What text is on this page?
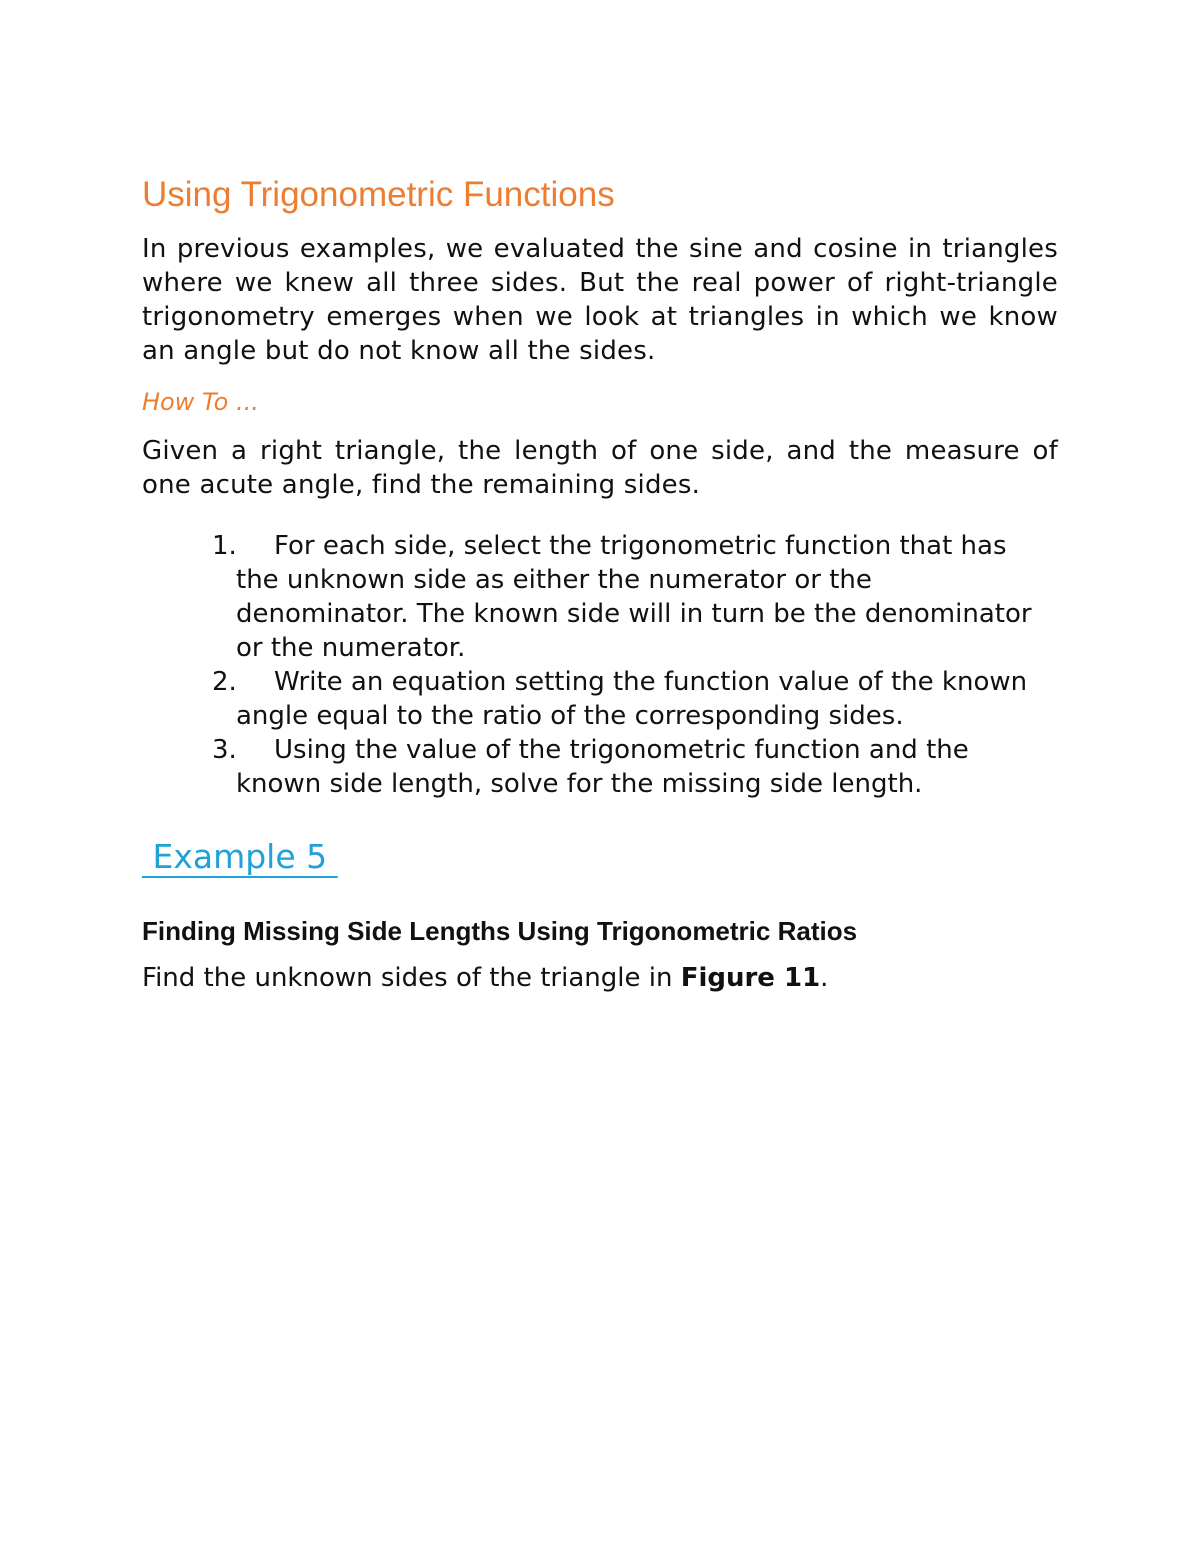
Using Trigonometric Functions

In previous examples, we evaluated the sine and cosine in triangles where we knew all three sides. But the real power of right-triangle trigonometry emerges when we look at triangles in which we know an angle but do not know all the sides.

How To ...

Given a right triangle, the length of one side, and the measure of one acute angle, find the remaining sides.

1. For each side, select the trigonometric function that has the unknown side as either the numerator or the denominator. The known side will in turn be the denominator or the numerator.
2. Write an equation setting the function value of the known angle equal to the ratio of the corresponding sides.
3. Using the value of the trigonometric function and the known side length, solve for the missing side length.
Example 5

Finding Missing Side Lengths Using Trigonometric Ratios

Find the unknown sides of the triangle in Figure 11.
